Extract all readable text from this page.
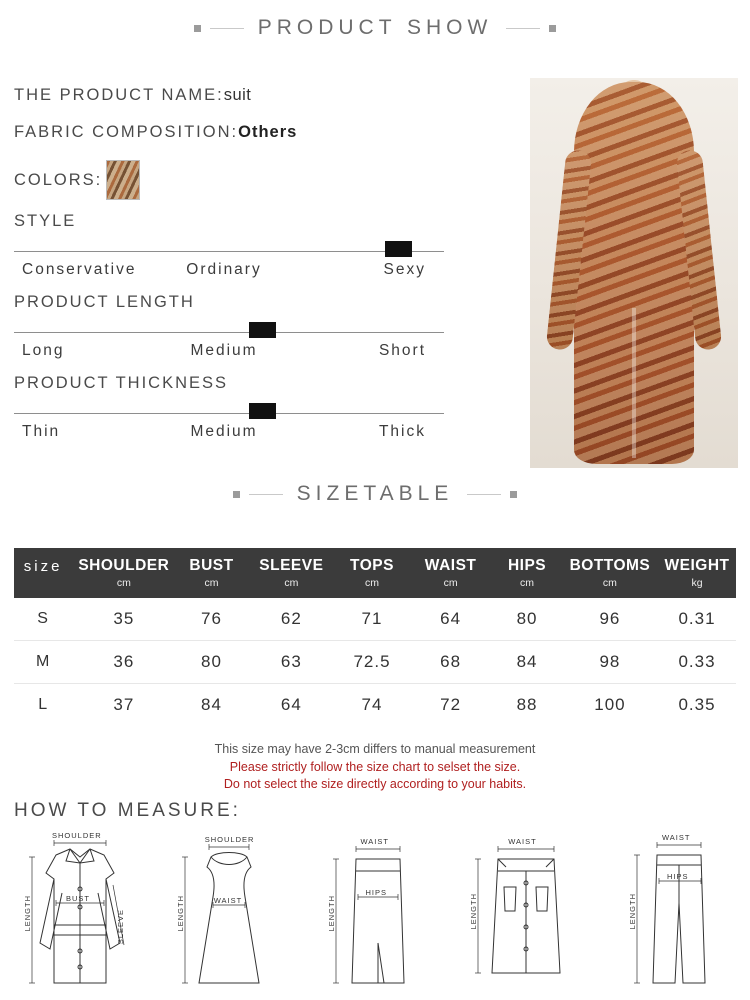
PRODUCT SHOW
THE PRODUCT NAME:suit
FABRIC COMPOSITION:Others
COLORS:
STYLE
Conservative	Ordinary	Sexy
PRODUCT LENGTH
Long	Medium	Short
PRODUCT THICKNESS
Thin	Medium	Thick
SIZETABLE
size	SHOULDER	BUST	SLEEVE	TOPS	WAIST	HIPS	BOTTOMS	WEIGHT
	cm	cm	cm	cm	cm	cm	cm	kg
S	35	76	62	71	64	80	96	0.31
M	36	80	63	72.5	68	84	98	0.33
L	37	84	64	74	72	88	100	0.35
This size may have 2-3cm differs to manual measurement
Please strictly follow the size chart to selset the size.
Do not select the size directly according to your habits.
HOW TO MEASURE:
SHOULDER
BUST
SLEEVE
LENGTH
SHOULDER
WAIST
LENGTH
WAIST
HIPS
LENGTH
WAIST
LENGTH
WAIST
HIPS
LENGTH
